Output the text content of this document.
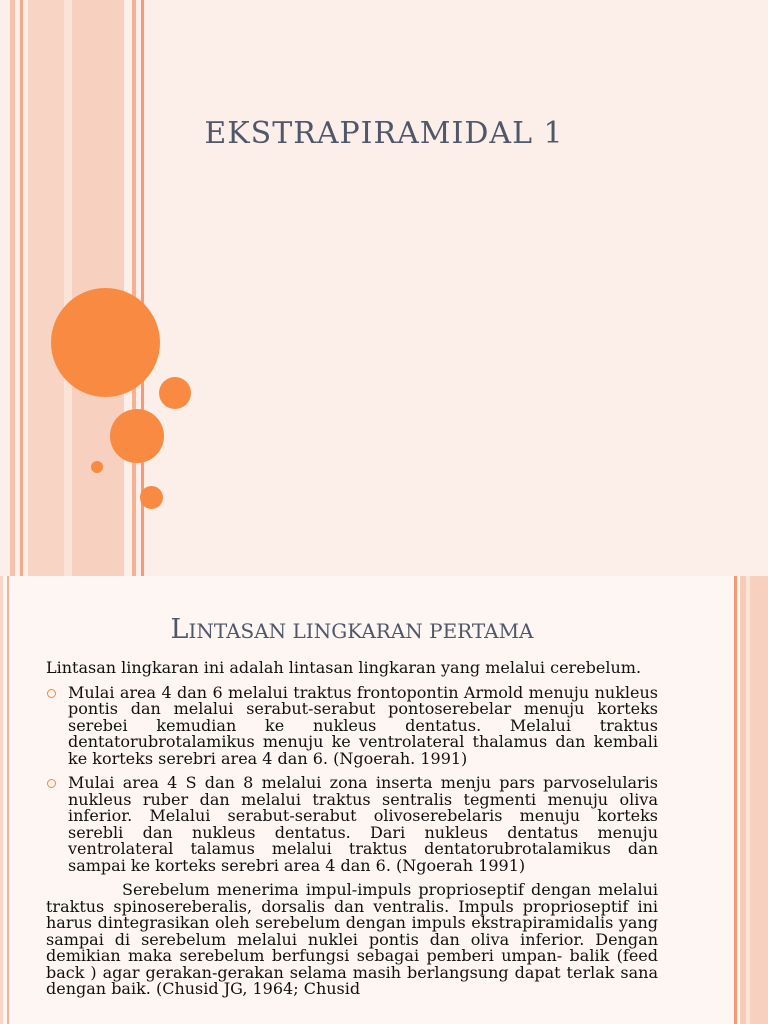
EKSTRAPIRAMIDAL 1
LINTASAN LINGKARAN PERTAMA

Lintasan lingkaran ini adalah lintasan lingkaran yang melalui cerebelum.

Mulai area 4 dan 6 melalui traktus frontopontin Armold menuju nukleus pontis dan melalui serabut-serabut pontoserebelar menuju korteks serebei kemudian ke nukleus dentatus. Melalui traktus dentatorubrotalamikus menuju ke ventrolateral thalamus dan kembali ke korteks serebri area 4 dan 6. (Ngoerah. 1991)
Mulai area 4 S dan 8 melalui zona inserta menju pars parvoselularis nukleus ruber dan melalui traktus sentralis tegmenti menuju oliva inferior. Melalui serabut-serabut olivoserebelaris menuju korteks serebli dan nukleus dentatus. Dari nukleus dentatus menuju ventrolateral talamus melalui traktus dentatorubrotalamikus dan sampai ke korteks serebri area 4 dan 6. (Ngoerah 1991)

Serebelum menerima impul-impuls proprioseptif dengan melalui traktus spinosereberalis, dorsalis dan ventralis. Impuls proprioseptif ini harus dintegrasikan oleh serebelum dengan impuls ekstrapiramidalis yang sampai di serebelum melalui nuklei pontis dan oliva inferior. Dengan demikian maka serebelum berfungsi sebagai pemberi umpan- balik (feed back ) agar gerakan-gerakan selama masih berlangsung dapat terlak sana dengan baik. (Chusid JG, 1964; Chusid
